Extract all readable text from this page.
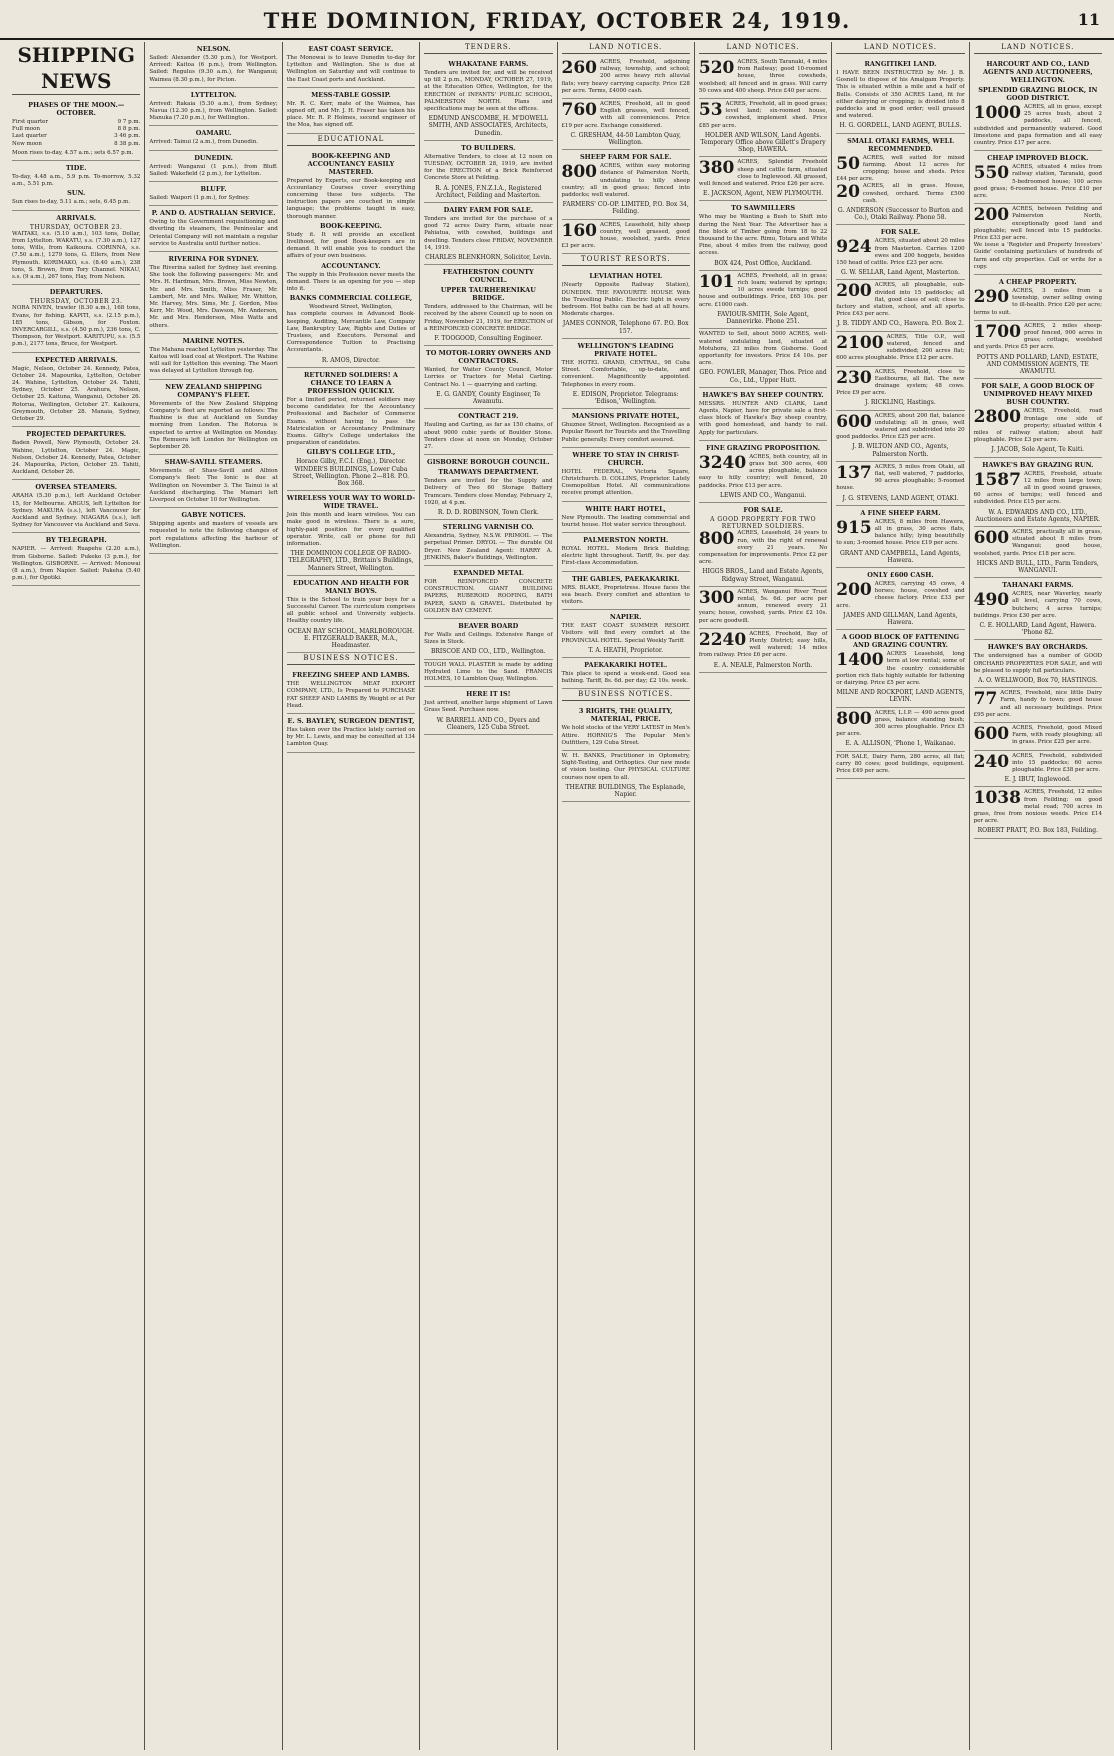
THE DOMINION, FRIDAY, OCTOBER 24, 1919.	11
SHIPPING NEWS
PHASES OF THE MOON.— OCTOBER.
First quarter	9 7 p.m.
Full moon	8 8 p.m.
Last quarter	3 46 p.m.
New moon	8 38 p.m.

Moon rises to-day, 4.57 a.m.; sets 6.57 p.m.

TIDE.

To-day, 4.48 a.m., 5.9 p.m. To-morrow, 5.32 a.m., 5.51 p.m.

SUN.

Sun rises to-day, 5.11 a.m.; sets, 6.45 p.m.

ARRIVALS.
THURSDAY, OCTOBER 23.

WAITAKI, s.s. (5.10 a.m.), 103 tons, Dollar, from Lyttelton. WAKATU, s.s. (7.30 a.m.), 127 tons, Wills, from Kaikoura. CORINNA, s.s. (7.50 a.m.), 1279 tons, G. Ellers, from New Plymouth. KORIMAKO, s.s. (8.40 a.m.), 238 tons, S. Brown, from Tory Channel. NIKAU, s.s. (9 a.m.), 267 tons, Hay, from Nelson.

DEPARTURES.
THURSDAY, OCTOBER 23.

NORA NIVEN, trawler (8.30 a.m.), 168 tons, Evans, for fishing. KAPITI, s.s. (2.15 p.m.), 185 tons, Gibson, for Foxton. INVERCARGILL, s.s. (4.50 p.m.), 236 tons, C. Thompson, for Westport. KARITUPU, s.s. (5.5 p.m.), 2177 tons, Bruce, for Westport.

EXPECTED ARRIVALS.

Magic, Nelson, October 24. Kennedy, Patea, October 24. Mapourika, Lyttelton, October 24. Wahine, Lyttelton, October 24. Tahiti, Sydney, October 25. Arahura, Nelson, October 25. Kaituna, Wanganui, October 26. Rotorua, Wellington, October 27. Kaikoura, Greymouth, October 28. Manaia, Sydney, October 29.

PROJECTED DEPARTURES.

Baden Powell, New Plymouth, October 24. Wahine, Lyttelton, October 24. Magic, Nelson, October 24. Kennedy, Patea, October 24. Mapourika, Picton, October 25. Tahiti, Auckland, October 26.

OVERSEA STEAMERS.

ARAHA (5.30 p.m.), left Auckland October 15, for Melbourne. ARGUS, left Lyttelton for Sydney. MAKURA (s.s.), left Vancouver for Auckland and Sydney. NIAGARA (s.s.), left Sydney for Vancouver via Auckland and Suva.

BY TELEGRAPH.

NAPIER. — Arrived: Ruapehu (2.20 a.m.), from Gisborne. Sailed: Pukeko (3 p.m.), for Wellington. GISBORNE. — Arrived: Monowai (8 a.m.), from Napier. Sailed: Pakeha (5.40 p.m.), for Opotiki.

NELSON.

Sailed: Alexander (5.30 p.m.), for Westport. Arrived: Kaitoa (6 p.m.), from Wellington. Sailed: Regulus (9.30 a.m.), for Wanganui; Waimea (8.30 p.m.), for Picton.

LYTTELTON.

Arrived: Rakaia (5.30 a.m.), from Sydney; Navua (12.30 p.m.), from Wellington. Sailed: Manuka (7.20 p.m.), for Wellington.

OAMARU.

Arrived: Tainui (2 a.m.), from Dunedin.

DUNEDIN.

Arrived: Wanganui (1 p.m.), from Bluff. Sailed: Wakefield (2 p.m.), for Lyttelton.

BLUFF.

Sailed: Waipori (1 p.m.), for Sydney.

P. AND O. AUSTRALIAN SERVICE.

Owing to the Government requisitioning and diverting its steamers, the Peninsular and Oriental Company will not maintain a regular service to Australia until further notice.

RIVERINA FOR SYDNEY.

The Riverina sailed for Sydney last evening. She took the following passengers: Mr. and Mrs. H. Hardman, Mrs. Brown, Miss Newton, Mr. and Mrs. Smith, Miss Fraser, Mr. Lambert, Mr. and Mrs. Walker, Mr. Whitton, Mr. Harvey, Mrs. Sims, Mr. J. Gordon, Miss Kerr, Mr. Wood, Mrs. Dawson, Mr. Anderson, Mr. and Mrs. Henderson, Miss Watts and others.

MARINE NOTES.

The Mahana reached Lyttelton yesterday. The Kaitoa will load coal at Westport. The Wahine will sail for Lyttelton this evening. The Maori was delayed at Lyttelton through fog.

NEW ZEALAND SHIPPING COMPANY'S FLEET.

Movements of the New Zealand Shipping Company's fleet are reported as follows: The Ruahine is due at Auckland on Sunday morning from London. The Rotorua is expected to arrive at Wellington on Monday. The Remuera left London for Wellington on September 26.

SHAW-SAVILL STEAMERS.

Movements of Shaw-Savill and Albion Company's fleet: The Ionic is due at Wellington on November 3. The Tainui is at Auckland discharging. The Mamari left Liverpool on October 10 for Wellington.

GABYE NOTICES.

Shipping agents and masters of vessels are requested to note the following changes of port regulations affecting the harbour of Wellington.

EAST COAST SERVICE.

The Monowai is to leave Dunedin to-day for Lyttelton and Wellington. She is due at Wellington on Saturday and will continue to the East Coast ports and Auckland.

MESS-TABLE GOSSIP.

Mr. R. C. Kerr, mate of the Waimea, has signed off, and Mr. J. H. Fraser has taken his place. Mr. R. P. Holmes, second engineer of the Moa, has signed off.

EDUCATIONAL
BOOK-KEEPING AND ACCOUNTANCY EASILY MASTERED.

Prepared by Experts, our Book-keeping and Accountancy Courses cover everything concerning these two subjects. The instruction papers are couched in simple language; the problems taught in easy, thorough manner.

BOOK-KEEPING.

Study it. It will provide an excellent livelihood, for good Book-keepers are in demand. It will enable you to conduct the affairs of your own business.

ACCOUNTANCY.

The supply in this Profession never meets the demand. There is an opening for you — step into it.

BANKS COMMERCIAL COLLEGE,
Woodward Street, Wellington,

has complete courses in Advanced Book-keeping, Auditing, Mercantile Law, Company Law, Bankruptcy Law, Rights and Duties of Trustees, and Executors. Personal and Correspondence Tuition to Practising Accountants.

R. AMOS, Director.
RETURNED SOLDIERS! A CHANCE TO LEARN A PROFESSION QUICKLY.

For a limited period, returned soldiers may become candidates for the Accountancy Professional and Bachelor of Commerce Exams. without having to pass the Matriculation or Accountancy Preliminary Exams. Gilby's College undertakes the preparation of candidates.

GILBY'S COLLEGE LTD.,
Horace Gilby, F.C.I. (Eng.), Director. WINDER'S BUILDINGS, Lower Cuba Street, Wellington. Phone 2—818. P.O. Box 368.
WIRELESS YOUR WAY TO WORLD-WIDE TRAVEL.

Join this month and learn wireless. You can make good in wireless. There is a sure, highly-paid position for every qualified operator. Write, call or phone for full information.

THE DOMINION COLLEGE OF RADIO-TELEGRAPHY, LTD., Brittain's Buildings, Manners Street, Wellington.
EDUCATION AND HEALTH FOR MANLY BOYS.

This is the School to train your boys for a Successful Career. The curriculum comprises all public school and University subjects. Healthy country life.

OCEAN BAY SCHOOL, MARLBOROUGH. E. FITZGERALD BAKER, M.A., Headmaster.
BUSINESS NOTICES.
FREEZING SHEEP AND LAMBS.

THE WELLINGTON MEAT EXPORT COMPANY, LTD., Is Prepared to PURCHASE FAT SHEEP AND LAMBS By Weight or at Per Head.

E. S. BAYLEY, SURGEON DENTIST,

Has taken over the Practice lately carried on by Mr. L. Lewis, and may be consulted at 134 Lambton Quay.

TENDERS.
WHAKATANE FARMS.

Tenders are invited for, and will be received up till 2 p.m., MONDAY, OCTOBER 27, 1919, at the Education Office, Wellington, for the ERECTION of INFANTS' PUBLIC SCHOOL, PALMERSTON NORTH. Plans and specifications may be seen at the offices.

EDMUND ANSCOMBE, H. M'DOWELL SMITH, AND ASSOCIATES, Architects, Dunedin.
TO BUILDERS.

Alternative Tenders, to close at 12 noon on TUESDAY, OCTOBER 28, 1919, are invited for the ERECTION of a Brick Reinforced Concrete Store at Feilding.

R. A. JONES, F.N.Z.I.A., Registered Architect, Feilding and Masterton.
DAIRY FARM FOR SALE.

Tenders are invited for the purchase of a good 72 acres Dairy Farm, situate near Pahiatua, with cowshed, buildings and dwelling. Tenders close FRIDAY, NOVEMBER 14, 1919.

CHARLES BLENKHORN, Solicitor, Levin.
FEATHERSTON COUNTY COUNCIL.
UPPER TAURHERENIKAU BRIDGE.

Tenders, addressed to the Chairman, will be received by the above Council up to noon on Friday, November 21, 1919, for ERECTION of a REINFORCED CONCRETE BRIDGE.

F. TOOGOOD, Consulting Engineer.
TO MOTOR-LORRY OWNERS AND CONTRACTORS.

Wanted, for Waiter County Council, Motor Lorries or Tractors for Metal Carting. Contract No. 1 — quarrying and carting.

E. G. GANDY, County Engineer, Te Awamutu.
CONTRACT 219.

Hauling and Carting, as far as 150 chains, of about 9000 cubic yards of Boulder Stone. Tenders close at noon on Monday, October 27.

GISBORNE BOROUGH COUNCIL.
TRAMWAYS DEPARTMENT.

Tenders are invited for the Supply and Delivery of Two 60 Storage Battery Tramcars. Tenders close Monday, February 2, 1920, at 4 p.m.

R. D. D. ROBINSON, Town Clerk.
STERLING VARNISH CO.

Alexandria, Sydney, N.S.W. PRIMOIL — The perpetual Primer. DRYOL — The durable Oil Dryer. New Zealand Agent: HARRY A. JENKINS, Baker's Buildings, Wellington.

EXPANDED METAL

FOR REINFORCED CONCRETE CONSTRUCTION. GIANT BUILDING PAPERS, RUBEROID ROOFING, BATH PAPER, SAND & GRAVEL. Distributed by GOLDEN BAY CEMENT.

BEAVER BOARD

For Walls and Ceilings. Extensive Range of Sizes in Stock.

BRISCOE AND CO., LTD., Wellington.

TOUGH WALL PLASTER is made by adding Hydrated Lime to the Sand. FRANCIS HOLMES, 10 Lambton Quay, Wellington.

HERE IT IS!

Just arrived, another large shipment of Lawn Grass Seed. Purchase now.

W. BARRELL AND CO., Dyers and Cleaners, 125 Cuba Street.
LAND NOTICES.
260 ACRES, Freehold, adjoining railway, township, and school; 200 acres heavy rich alluvial flats; very heavy carrying capacity. Price £28 per acre. Terms, £4000 cash.

760 ACRES, Freehold, all in good English grasses, well fenced, with all conveniences. Price £19 per acre. Exchange considered.

C. GRESHAM, 44-50 Lambton Quay, Wellington.
SHEEP FARM FOR SALE.
800 ACRES, within easy motoring distance of Palmerston North, undulating to hilly sheep country; all in good grass; fenced into paddocks; well watered.

FARMERS' CO-OP. LIMITED, P.O. Box 34, Feilding.
160 ACRES, Leasehold, hilly sheep country, well grassed, good house, woolshed, yards. Price £3 per acre.

TOURIST RESORTS.
LEVIATHAN HOTEL

(Nearly Opposite Railway Station), DUNEDIN. THE FAVOURITE HOUSE With the Travelling Public. Electric light in every bedroom. Hot baths can be had at all hours. Moderate charges.

JAMES CONNOR, Telephone 67. P.O. Box 157.
WELLINGTON'S LEADING PRIVATE HOTEL.

THE HOTEL GRAND, CENTRAL, 98 Cuba Street. Comfortable, up-to-date, and convenient. Magnificently appointed. Telephones in every room.

E. EDISON, Proprietor. Telegrams: 'Edison,' Wellington.
MANSIONS PRIVATE HOTEL,

Ghuznee Street, Wellington. Recognised as a Popular Resort for Tourists and the Travelling Public generally. Every comfort assured.

WHERE TO STAY IN CHRIST-CHURCH.

HOTEL FEDERAL, Victoria Square, Christchurch. D. COLLINS, Proprietor. Lately Cosmopolitan Hotel. All communications receive prompt attention.

WHITE HART HOTEL,

New Plymouth. The leading commercial and tourist house. Hot water service throughout.

PALMERSTON NORTH.

ROYAL HOTEL. Modern Brick Building; electric light throughout. Tariff, 9s. per day. First-class Accommodation.

THE GABLES, PAEKAKARIKI.

MRS. BLAKE, Proprietress. House faces the sea beach. Every comfort and attention to visitors.

NAPIER.

THE EAST COAST SUMMER RESORT. Visitors will find every comfort at the PROVINCIAL HOTEL. Special Weekly Tariff.

T. A. HEATH, Proprietor.
PAEKAKARIKI HOTEL.

This place to spend a week-end. Good sea bathing. Tariff, 8s. 6d. per day; £2 10s. week.

BUSINESS NOTICES.
3 RIGHTS, THE QUALITY, MATERIAL, PRICE.

We hold stocks of the VERY LATEST in Men's Attire. HORNIG'S The Popular Men's Outfitters, 129 Cuba Street.

W. H. BANKS, Practitioner in Optometry, Sight-Testing, and Orthoptics. Our new mode of vision testing. Our PHYSICAL CULTURE courses now open to all.

THEATRE BUILDINGS, The Esplanade, Napier.
LAND NOTICES.
520 ACRES, South Taranaki, 4 miles from Railway; good 10-roomed house, three cowsheds, woolshed; all fenced and in grass. Will carry 50 cows and 400 sheep. Price £40 per acre.

53 ACRES, Freehold, all in good grass; level land; six-roomed house, cowshed, implement shed. Price £85 per acre.

HOLDER AND WILSON, Land Agents. Temporary Office above Gillett's Drapery Shop, HAWERA.
380 ACRES, Splendid Freehold sheep and cattle farm, situated close to Inglewood. All grassed, well fenced and watered. Price £26 per acre.

E. JACKSON, Agent, NEW PLYMOUTH.
TO SAWMILLERS

Who may be Wanting a Bush to Shift into during the Next Year. The Advertiser has a fine block of Timber going from 18 to 22 thousand to the acre. Rimu, Totara and White Pine, about 4 miles from the railway, good access.

BOX 424, Post Office, Auckland.
101 ACRES, Freehold, all in grass; rich loam; watered by springs; 10 acres swede turnips; good house and outbuildings. Price, £65 10s. per acre. £1000 cash.

FAVIOUR-SMITH, Sole Agent, Dannevirke. Phone 251.

WANTED to Sell, about 5000 ACRES, well-watered undulating land, situated at Motuhora, 23 miles from Gisborne. Good opportunity for investors. Price £4 10s. per acre.

GEO. FOWLER, Manager, Thos. Price and Co., Ltd., Upper Hutt.
HAWKE'S BAY SHEEP COUNTRY.

MESSRS. HUNTER AND CLARK, Land Agents, Napier, have for private sale a first-class block of Hawke's Bay sheep country, with good homestead, and handy to rail. Apply for particulars.

FINE GRAZING PROPOSITION.
3240 ACRES, both country, all in grass but 300 acres, 400 acres ploughable, balance easy to hilly country; well fenced, 20 paddocks. Price £13 per acre.

LEWIS AND CO., Wanganui.
FOR SALE.
A GOOD PROPERTY FOR TWO RETURNED SOLDIERS.
800 ACRES, Leasehold, 24 years to run, with the right of renewal every 21 years. No compensation for improvements. Price £2 per acre.

HIGGS BROS., Land and Estate Agents, Ridgway Street, Wanganui.
300 ACRES, Wanganui River Trust rental, 5s. 6d. per acre per annum, renewed every 21 years; house, cowshed, yards. Price £2 10s. per acre goodwill.

2240 ACRES, Freehold, Bay of Plenty District; easy hills, well watered; 14 miles from railway. Price £6 per acre.

E. A. NEALE, Palmerston North.
LAND NOTICES.
RANGITIKEI LAND.

I HAVE BEEN INSTRUCTED by Mr. J. B. Gosnell to dispose of his Amalgam Property. This is situated within a mile and a half of Bulls. Consists of 350 ACRES Land, fit for either dairying or cropping; is divided into 8 paddocks and in good order; well grassed and watered.

H. G. GORDELL, LAND AGENT, BULLS.
SMALL OTAKI FARMS, WELL RECOMMENDED.
50 ACRES, well suited for mixed farming. About 12 acres for cropping; house and sheds. Price £44 per acre.

20 ACRES, all in grass. House, cowshed, orchard. Terms £500 cash.

G. ANDERSON (Successor to Burton and Co.), Otaki Railway. Phone 58.
FOR SALE.
924 ACRES, situated about 20 miles from Masterton. Carries 1200 ewes and 200 hoggets, besides 150 head of cattle. Price £23 per acre.

G. W. SELLAR, Land Agent, Masterton.
200 ACRES, all ploughable, sub-divided into 15 paddocks; all flat, good class of soil; close to factory and station, school, and all sports. Price £43 per acre.

J. B. TIDDY AND CO., Hawera. P.O. Box 2.
2100 ACRES, Title O.P., well watered, fenced and subdivided; 200 acres flat; 600 acres ploughable. Price £12 per acre.

230 ACRES, Freehold, close to Eastbourne, all flat. The new drainage system; 48 cows. Price £9 per acre.

J. RICKLING, Hastings.
600 ACRES, about 200 flat, balance undulating; all in grass, well watered and subdivided into 20 good paddocks. Price £25 per acre.

J. B. WILTON AND CO., Agents, Palmerston North.
137 ACRES, 5 miles from Otaki, all flat, well watered, 7 paddocks, 90 acres ploughable; 5-roomed house.

J. G. STEVENS, LAND AGENT, OTAKI.
A FINE SHEEP FARM.
915 ACRES, 8 miles from Hawera, all in grass, 30 acres flats, balance hilly; lying beautifully to sun; 3-roomed house. Price £19 per acre.

GRANT AND CAMPBELL, Land Agents, Hawera.
ONLY £600 CASH.
200 ACRES, carrying 45 cows, 4 horses; house, cowshed and cheese factory. Price £33 per acre.

JAMES AND GILLMAN, Land Agents, Hawera.
A GOOD BLOCK OF FATTENING AND GRAZING COUNTRY.
1400 ACRES Leasehold, long term at low rental; some of the country considerable portion rich flats highly suitable for fattening or dairying. Price £5 per acre.

MILNE AND ROCKPORT, LAND AGENTS, LEVIN.
800 ACRES, L.I.P. — 490 acres good grass, balance standing bush; 300 acres ploughable. Price £5 per acre.

E. A. ALLISON, 'Phone 1, Waikanae.

FOR SALE, Dairy Farm, 280 acres, all flat; carry 80 cows; good buildings, equipment. Price £49 per acre.

LAND NOTICES.
HARCOURT AND CO., LAND AGENTS AND AUCTIONEERS, WELLINGTON.
SPLENDID GRAZING BLOCK, IN GOOD DISTRICT.
1000 ACRES, all in grass, except 25 acres bush, about 2 paddocks, all fenced, subdivided and permanently watered. Good limestone and papa formation and all easy country. Price £17 per acre.

CHEAP IMPROVED BLOCK.
550 ACRES, situated 4 miles from railway station, Taranaki, good 5-bedroomed house; 100 acres good grass; 6-roomed house. Price £10 per acre.

200 ACRES, between Feilding and Palmerston North, exceptionally good land and ploughable; well fenced into 15 paddocks. Price £33 per acre.

We issue a 'Register and Property Investors' Guide' containing particulars of hundreds of farm and city properties. Call or write for a copy.

A CHEAP PROPERTY.
290 ACRES, 3 miles from a township, owner selling owing to ill-health. Price £20 per acre; terms to suit.

1700 ACRES, 2 miles sheep-proof fenced, 900 acres in grass; cottage, woolshed and yards. Price £5 per acre.

POTTS AND POLLARD, LAND, ESTATE, AND COMMISSION AGENTS, TE AWAMUTU.
FOR SALE, A GOOD BLOCK OF UNIMPROVED HEAVY MIXED BUSH COUNTRY.
2800 ACRES, Freehold, road frontage one side of property; situated within 4 miles of railway station; about half ploughable. Price £3 per acre.

J. JACOB, Sole Agent, Te Kuiti.
HAWKE'S BAY GRAZING RUN.
1587 ACRES, Freehold, situate 12 miles from large town; all in good sound grasses, 60 acres of turnips; well fenced and subdivided. Price £15 per acre.

W. A. EDWARDS AND CO., LTD., Auctioneers and Estate Agents, NAPIER.
600 ACRES, practically all in grass, situated about 8 miles from Wanganui; good house, woolshed, yards. Price £18 per acre.

HICKS AND BULL, LTD., Farm Tenders, WANGANUI.
TAHANAKI FARMS.
490 ACRES, near Waverley, nearly all level, carrying 70 cows, butchers; 4 acres turnips; buildings. Price £30 per acre.

C. E. HOLLARD, Land Agent, Hawera. 'Phone 82.
HAWKE'S BAY ORCHARDS.

The undersigned has a number of GOOD ORCHARD PROPERTIES FOR SALE, and will be pleased to supply full particulars.

A. O. WELLWOOD, Box 70, HASTINGS.
77 ACRES, Freehold, nice little Dairy Farm, handy to town; good house and all necessary buildings. Price £95 per acre.

600 ACRES, Freehold, good Mixed Farm, with ready ploughing; all in grass. Price £25 per acre.

240 ACRES, Freehold, subdivided into 15 paddocks; 60 acres ploughable. Price £38 per acre.

E. J. IBUT, Inglewood.
1038 ACRES, Freehold, 12 miles from Feilding; on good metal road; 700 acres in grass, free from noxious weeds. Price £14 per acre.

ROBERT PRATT, P.O. Box 183, Feilding.
